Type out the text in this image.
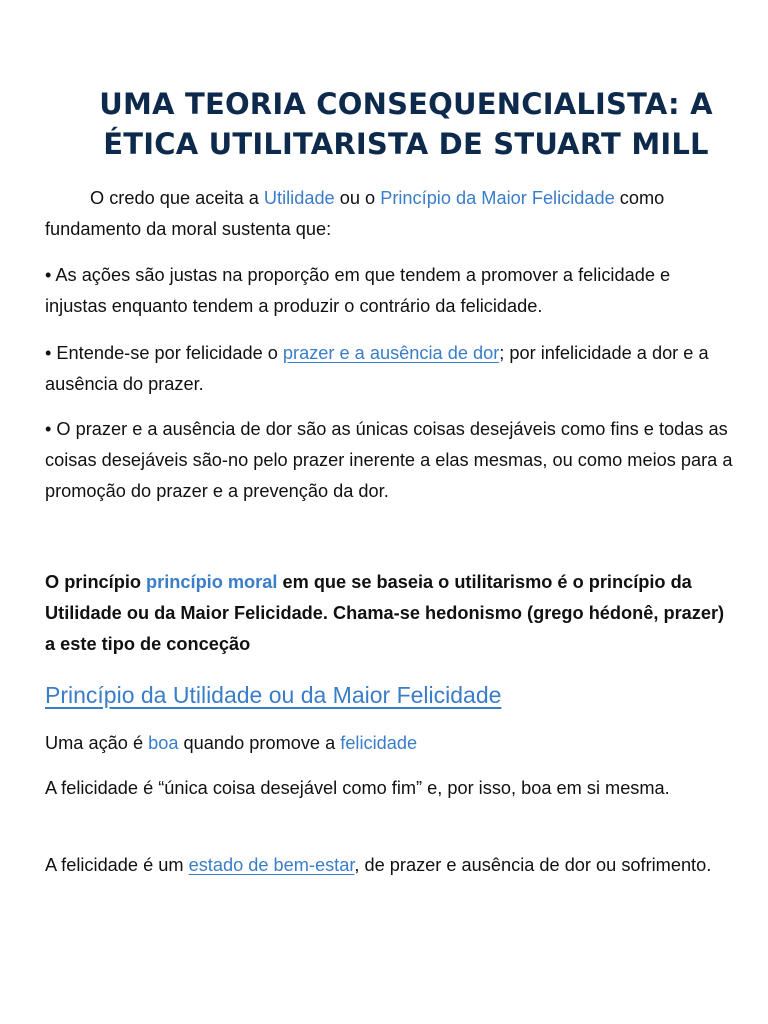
UMA TEORIA CONSEQUENCIALISTA: A
ÉTICA UTILITARISTA DE STUART MILL

O credo que aceita a Utilidade ou o Princípio da Maior Felicidade como fundamento da moral sustenta que:

• As ações são justas na proporção em que tendem a promover a felicidade e injustas enquanto tendem a produzir o contrário da felicidade.

• Entende-se por felicidade o prazer e a ausência de dor; por infelicidade a dor e a ausência do prazer.

• O prazer e a ausência de dor são as únicas coisas desejáveis como fins e todas as coisas desejáveis são-no pelo prazer inerente a elas mesmas, ou como meios para a promoção do prazer e a prevenção da dor.

O princípio princípio moral em que se baseia o utilitarismo é o princípio da Utilidade ou da Maior Felicidade. Chama-se hedonismo (grego hédonê, prazer) a este tipo de conceção

Princípio da Utilidade ou da Maior Felicidade

Uma ação é boa quando promove a felicidade

A felicidade é “única coisa desejável como fim” e, por isso, boa em si mesma.

A felicidade é um estado de bem-estar, de prazer e ausência de dor ou sofrimento.
